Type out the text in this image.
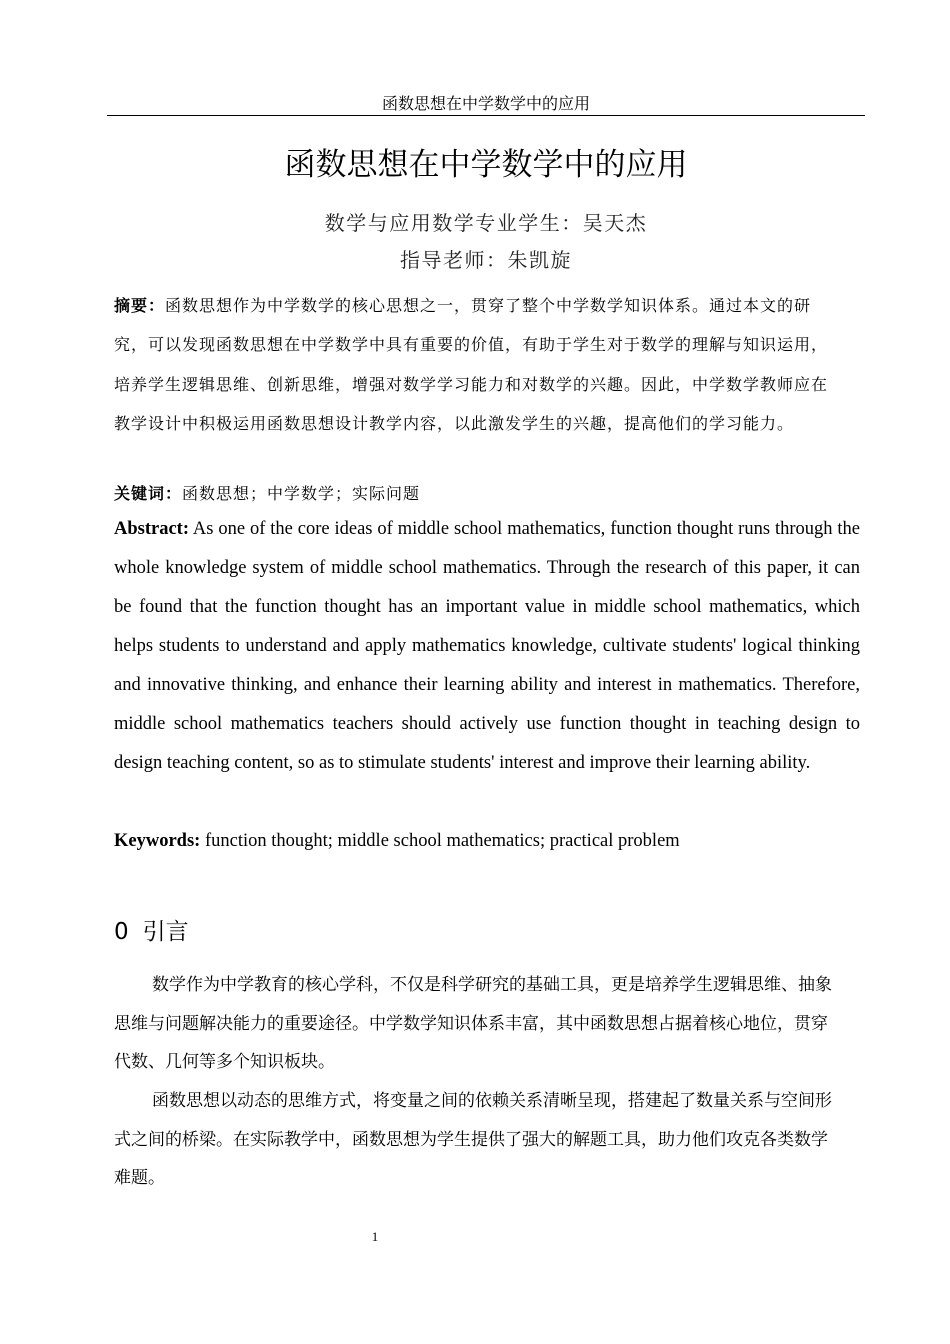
函数思想在中学数学中的应用
函数思想在中学数学中的应用
数学与应用数学专业学生：吴天杰
指导老师：朱凯旋
摘要：函数思想作为中学数学的核心思想之一，贯穿了整个中学数学知识体系。通过本文的研究，可以发现函数思想在中学数学中具有重要的价值，有助于学生对于数学的理解与知识运用，培养学生逻辑思维、创新思维，增强对数学学习能力和对数学的兴趣。因此，中学数学教师应在教学设计中积极运用函数思想设计教学内容，以此激发学生的兴趣，提高他们的学习能力。
关键词：函数思想；中学数学；实际问题
Abstract: As one of the core ideas of middle school mathematics, function thought runs through the whole knowledge system of middle school mathematics. Through the research of this paper, it can be found that the function thought has an important value in middle school mathematics, which helps students to understand and apply mathematics knowledge, cultivate students' logical thinking and innovative thinking, and enhance their learning ability and interest in mathematics. Therefore, middle school mathematics teachers should actively use function thought in teaching design to design teaching content, so as to stimulate students' interest and improve their learning ability.
Keywords: function thought; middle school mathematics; practical problem
0 引言
数学作为中学教育的核心学科，不仅是科学研究的基础工具，更是培养学生逻辑思维、抽象思维与问题解决能力的重要途径。中学数学知识体系丰富，其中函数思想占据着核心地位，贯穿代数、几何等多个知识板块。
函数思想以动态的思维方式，将变量之间的依赖关系清晰呈现，搭建起了数量关系与空间形式之间的桥梁。在实际教学中，函数思想为学生提供了强大的解题工具，助力他们攻克各类数学难题。
1
